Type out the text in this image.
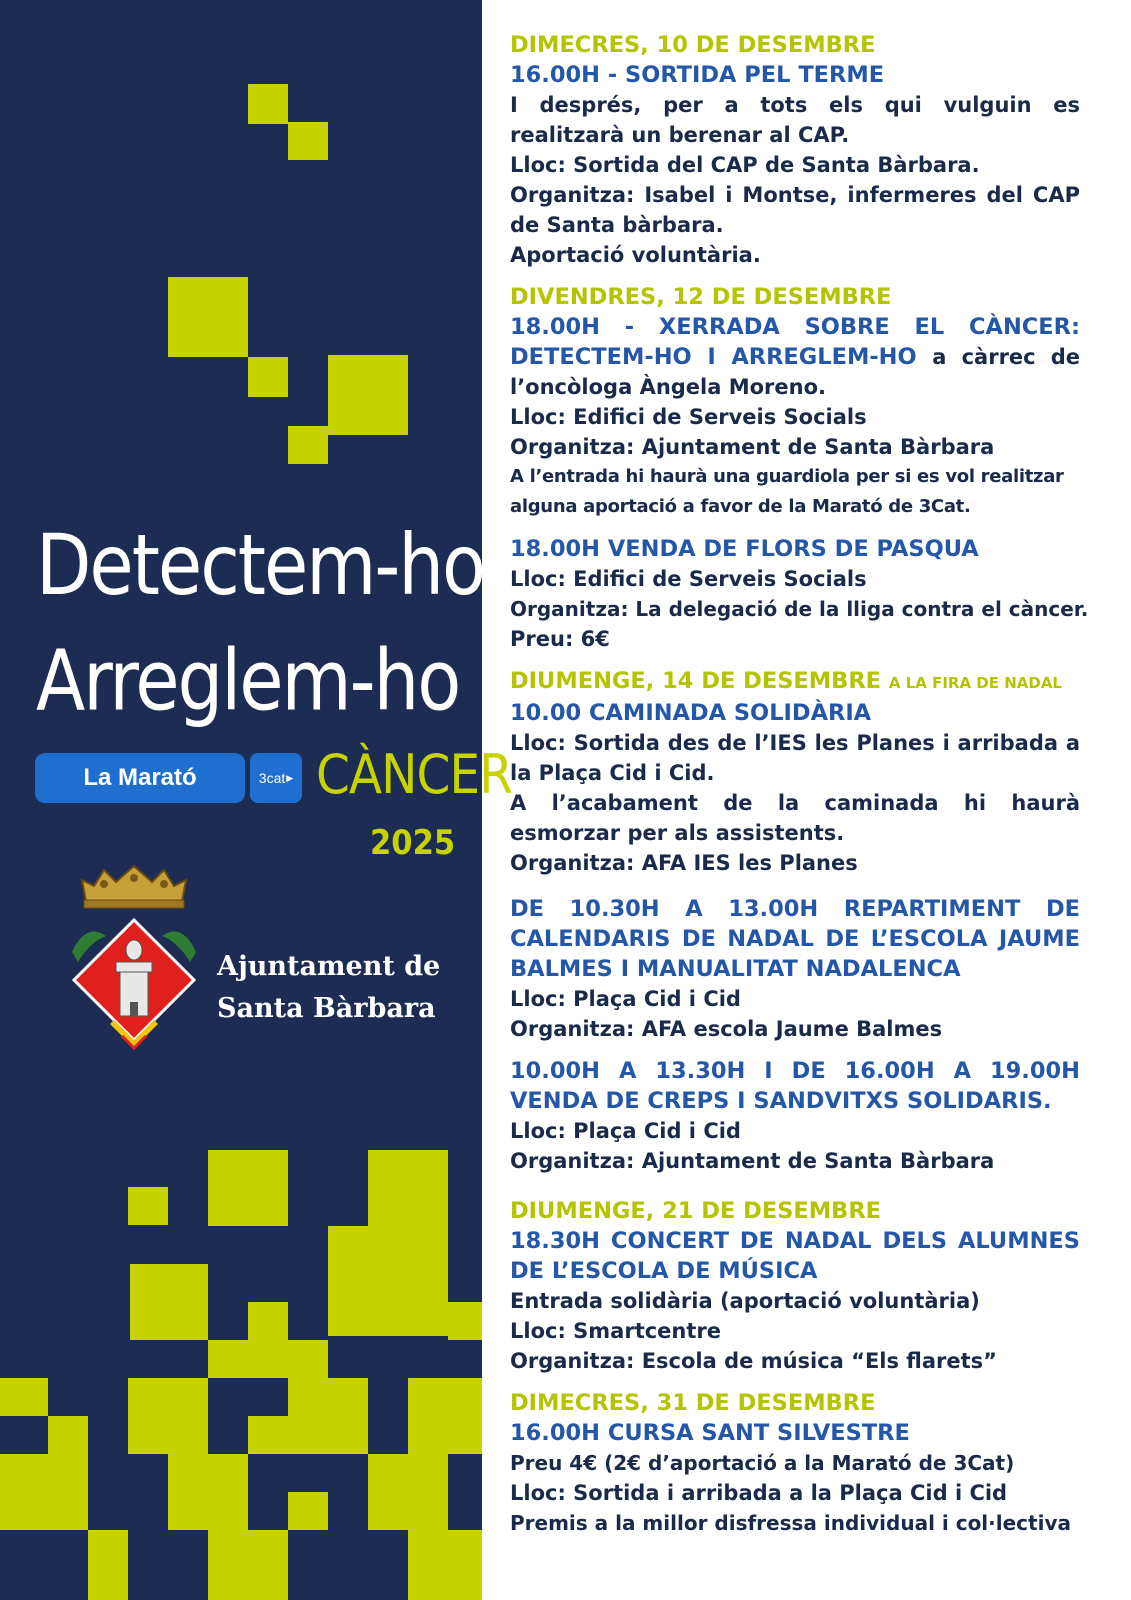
Detectem-ho
Arreglem-ho
La Marató	3cat ▶ CÀNCER
2025
Ajuntament de
Santa Bàrbara
DIMECRES, 10 DE DESEMBRE
16.00H - SORTIDA PEL TERME
I després, per a tots els qui vulguin es realitzarà un berenar al CAP.
Lloc: Sortida del CAP de Santa Bàrbara.
Organitza: Isabel i Montse, infermeres del CAP de Santa bàrbara.
Aportació voluntària.
DIVENDRES, 12 DE DESEMBRE
18.00H - XERRADA SOBRE EL CÀNCER: DETECTEM-HO I ARREGLEM-HO a càrrec de l’oncòloga Àngela Moreno.
Lloc: Edifici de Serveis Socials
Organitza: Ajuntament de Santa Bàrbara
A l’entrada hi haurà una guardiola per si es vol realitzar
alguna aportació a favor de la Marató de 3Cat.
18.00H VENDA DE FLORS DE PASQUA
Lloc: Edifici de Serveis Socials
Organitza: La delegació de la lliga contra el càncer.
Preu: 6€
DIUMENGE, 14 DE DESEMBRE A LA FIRA DE NADAL
10.00 CAMINADA SOLIDÀRIA
Lloc: Sortida des de l’IES les Planes i arribada a la Plaça Cid i Cid.
A l’acabament de la caminada hi haurà esmorzar per als assistents.
Organitza: AFA IES les Planes
DE 10.30H A 13.00H REPARTIMENT DE CALENDARIS DE NADAL DE L’ESCOLA JAUME BALMES I MANUALITAT NADALENCA
Lloc: Plaça Cid i Cid
Organitza: AFA escola Jaume Balmes
10.00H A 13.30H I DE 16.00H A 19.00H VENDA DE CREPS I SANDVITXS SOLIDARIS.
Lloc: Plaça Cid i Cid
Organitza: Ajuntament de Santa Bàrbara
DIUMENGE, 21 DE DESEMBRE
18.30H CONCERT DE NADAL DELS ALUMNES DE L’ESCOLA DE MÚSICA
Entrada solidària (aportació voluntària)
Lloc: Smartcentre
Organitza: Escola de música “Els flarets”
DIMECRES, 31 DE DESEMBRE
16.00H CURSA SANT SILVESTRE
Preu 4€ (2€ d’aportació a la Marató de 3Cat)
Lloc: Sortida i arribada a la Plaça Cid i Cid
Premis a la millor disfressa individual i col·lectiva
